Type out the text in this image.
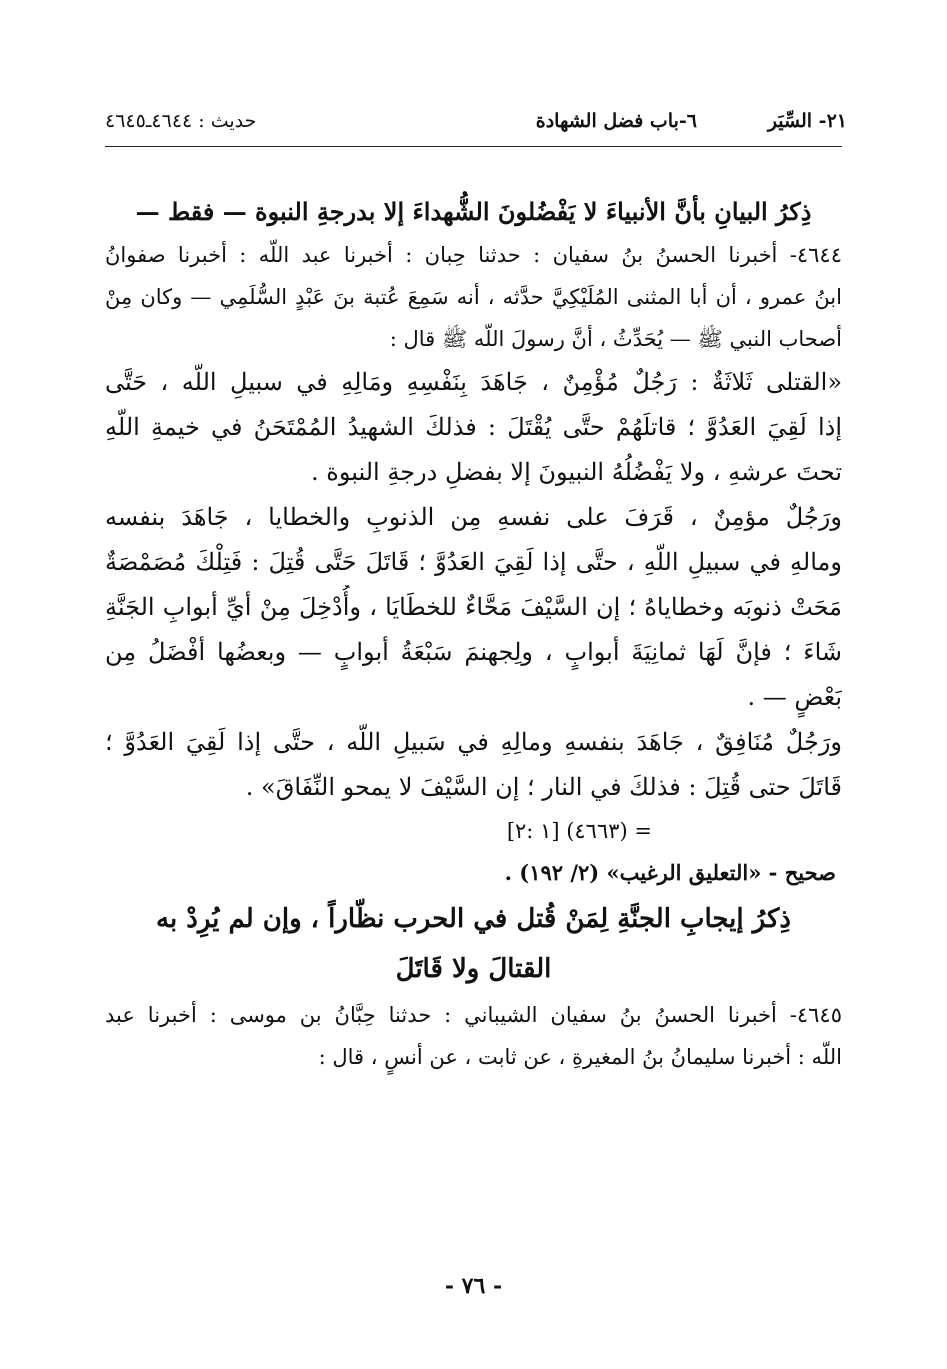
٢١- السِّيَر
٦-باب فضل الشهادة
حديث : ٤٦٤٤ـ٤٦٤٥
ذِكرُ البيانِ بأنَّ الأنبياءَ لا يَفْضُلونَ الشُّهداءَ إلا بدرجةِ النبوة — فقط —
٤٦٤٤- أخبرنا الحسنُ بنُ سفيان : حدثنا حِبان : أخبرنا عبد اللّه : أخبرنا صفوانُ
ابنُ عمرو ، أن أبا المثنى المُلَيْكِيَّ حدَّثه ، أنه سَمِعَ عُتبة بنَ عَبْدٍ السُّلَمِي — وكان مِنْ
أصحاب النبي ﷺ — يُحَدِّثُ ، أنَّ رسولَ اللّه ﷺ قال :
«القتلى ثَلاثَةٌ : رَجُلٌ مُؤْمِنٌ ، جَاهَدَ بِنَفْسِهِ ومَالِهِ في سبيلِ اللّه ، حَتَّى
إذا لَقِيَ العَدُوَّ ؛ قاتلَهُمْ حتَّى يُقْتَلَ : فذلكَ الشهيدُ المُمْتَحَنُ في خيمةِ اللّهِ
تحتَ عرشهِ ، ولا يَفْضُلُهُ النبيونَ إلا بفضلِ درجةِ النبوة .
ورَجُلٌ مؤمِنٌ ، قَرَفَ على نفسهِ مِن الذنوبِ والخطايا ، جَاهَدَ بنفسه
ومالهِ في سبيلِ اللّهِ ، حتَّى إذا لَقِيَ العَدُوَّ ؛ قَاتَلَ حَتَّى قُتِلَ : فَتِلْكَ مُصَمْصَةٌ
مَحَتْ ذنوبَه وخطاياهُ ؛ إن السَّيْفَ مَحَّاءٌ للخطَايَا ، وأُدْخِلَ مِنْ أيِّ أبوابِ الجَنَّةِ
شَاءَ ؛ فإنَّ لَهَا ثمانِيَةَ أبوابٍ ، ولِجهنمَ سَبْعَةُ أبوابٍ — وبعضُها أفْضَلُ مِن
بَعْضٍ — .
ورَجُلٌ مُنَافِقٌ ، جَاهَدَ بنفسهِ ومالِهِ في سَبيلِ اللّه ، حتَّى إذا لَقِيَ العَدُوَّ ؛
قَاتَلَ حتى قُتِلَ : فذلكَ في النار ؛ إن السَّيْفَ لا يمحو النِّفَاقَ» .
= (٤٦٦٣) [١ :٢]
صحيح - «التعليق الرغيب» (٢/ ١٩٢) .
ذِكرُ إيجابِ الجنَّةِ لِمَنْ قُتل في الحرب نظّاراً ، وإن لم يُرِدْ به
القتالَ ولا قَاتَلَ
٤٦٤٥- أخبرنا الحسنُ بنُ سفيان الشيباني : حدثنا حِبَّانُ بن موسى : أخبرنا عبد
اللّه : أخبرنا سليمانُ بنُ المغيرةِ ، عن ثابت ، عن أنسٍ ، قال :
- ٧٦ -
